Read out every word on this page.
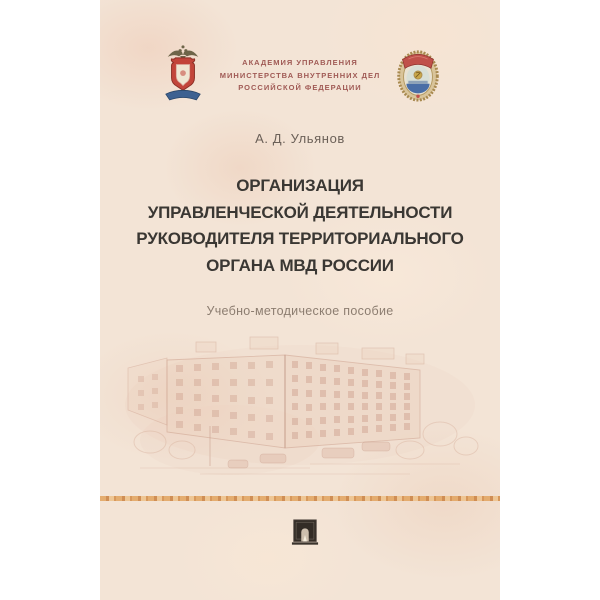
АКАДЕМИЯ УПРАВЛЕНИЯ
МИНИСТЕРСТВА ВНУТРЕННИХ ДЕЛ
РОССИЙСКОЙ ФЕДЕРАЦИИ
А. Д. Ульянов
ОРГАНИЗАЦИЯ
УПРАВЛЕНЧЕСКОЙ ДЕЯТЕЛЬНОСТИ
РУКОВОДИТЕЛЯ ТЕРРИТОРИАЛЬНОГО
ОРГАНА МВД РОССИИ
Учебно-методическое пособие
